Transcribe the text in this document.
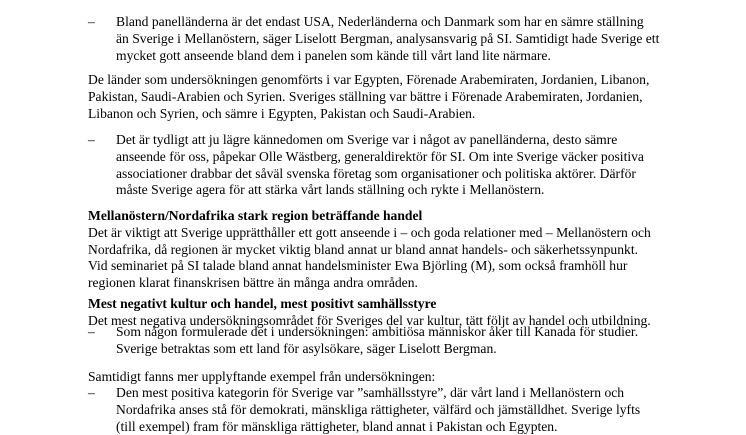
– Bland panelländerna är det endast USA, Nederländerna och Danmark som har en sämre ställning
än Sverige i Mellanöstern, säger Liselott Bergman, analysansvarig på SI. Samtidigt hade Sverige ett
mycket gott anseende bland dem i panelen som kände till vårt land lite närmare.
De länder som undersökningen genomförts i var Egypten, Förenade Arabemiraten, Jordanien, Libanon,
Pakistan, Saudi-Arabien och Syrien. Sveriges ställning var bättre i Förenade Arabemiraten, Jordanien,
Libanon och Syrien, och sämre i Egypten, Pakistan och Saudi-Arabien.
– Det är tydligt att ju lägre kännedomen om Sverige var i något av panelländerna, desto sämre
anseende för oss, påpekar Olle Wästberg, generaldirektör för SI. Om inte Sverige väcker positiva
associationer drabbar det såväl svenska företag som organisationer och politiska aktörer. Därför
måste Sverige agera för att stärka vårt lands ställning och rykte i Mellanöstern.
Mellanöstern/Nordafrika stark region beträffande handel
Det är viktigt att Sverige upprätthåller ett gott anseende i – och goda relationer med – Mellanöstern och
Nordafrika, då regionen är mycket viktig bland annat ur bland annat handels- och säkerhetssynpunkt.
Vid seminariet på SI talade bland annat handelsminister Ewa Björling (M), som också framhöll hur
regionen klarat finanskrisen bättre än många andra områden.
Mest negativt kultur och handel, mest positivt samhällsstyre
Det mest negativa undersökningsområdet för Sveriges del var kultur, tätt följt av handel och utbildning.
– Som någon formulerade det i undersökningen: ambitiösa människor åker till Kanada för studier.
Sverige betraktas som ett land för asylsökare, säger Liselott Bergman.
Samtidigt fanns mer upplyftande exempel från undersökningen:
– Den mest positiva kategorin för Sverige var ”samhällsstyre”, där vårt land i Mellanöstern och
Nordafrika anses stå för demokrati, mänskliga rättigheter, välfärd och jämställdhet. Sverige lyfts
(till exempel) fram för mänskliga rättigheter, bland annat i Pakistan och Egypten.
